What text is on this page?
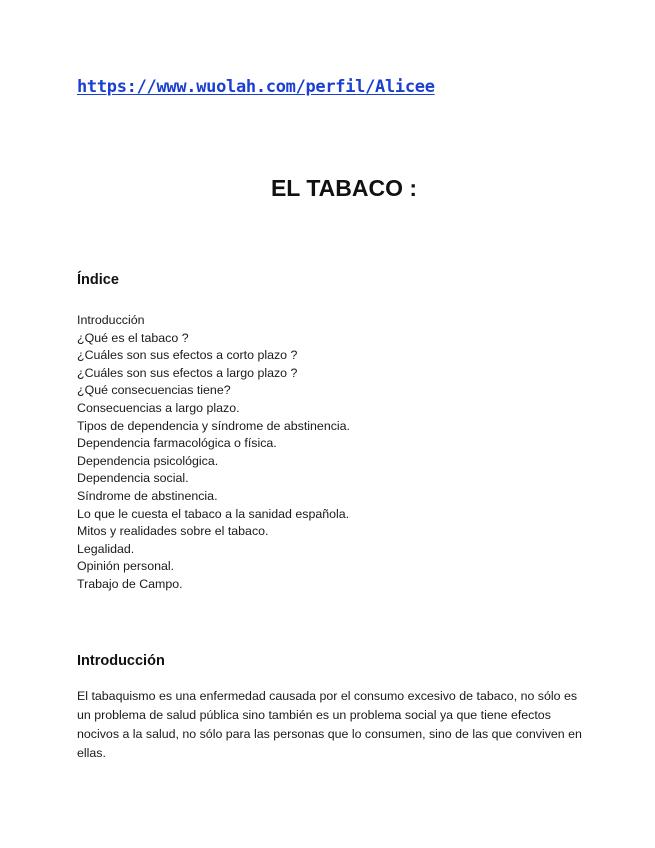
https://www.wuolah.com/perfil/Alicee
EL TABACO :
Índice
Introducción
¿Qué es el tabaco ?
¿Cuáles son sus efectos a corto plazo ?
¿Cuáles son sus efectos a largo plazo ?
¿Qué consecuencias tiene?
Consecuencias a largo plazo.
Tipos de dependencia y síndrome de abstinencia.
Dependencia farmacológica o física.
Dependencia psicológica.
Dependencia social.
Síndrome de abstinencia.
Lo que le cuesta el tabaco a la sanidad española.
Mitos y realidades sobre el tabaco.
Legalidad.
Opinión personal.
Trabajo de Campo.
Introducción

El tabaquismo es una enfermedad causada por el consumo excesivo de tabaco, no sólo es un problema de salud pública sino también es un problema social ya que tiene efectos nocivos a la salud, no sólo para las personas que lo consumen, sino de las que conviven en ellas.
